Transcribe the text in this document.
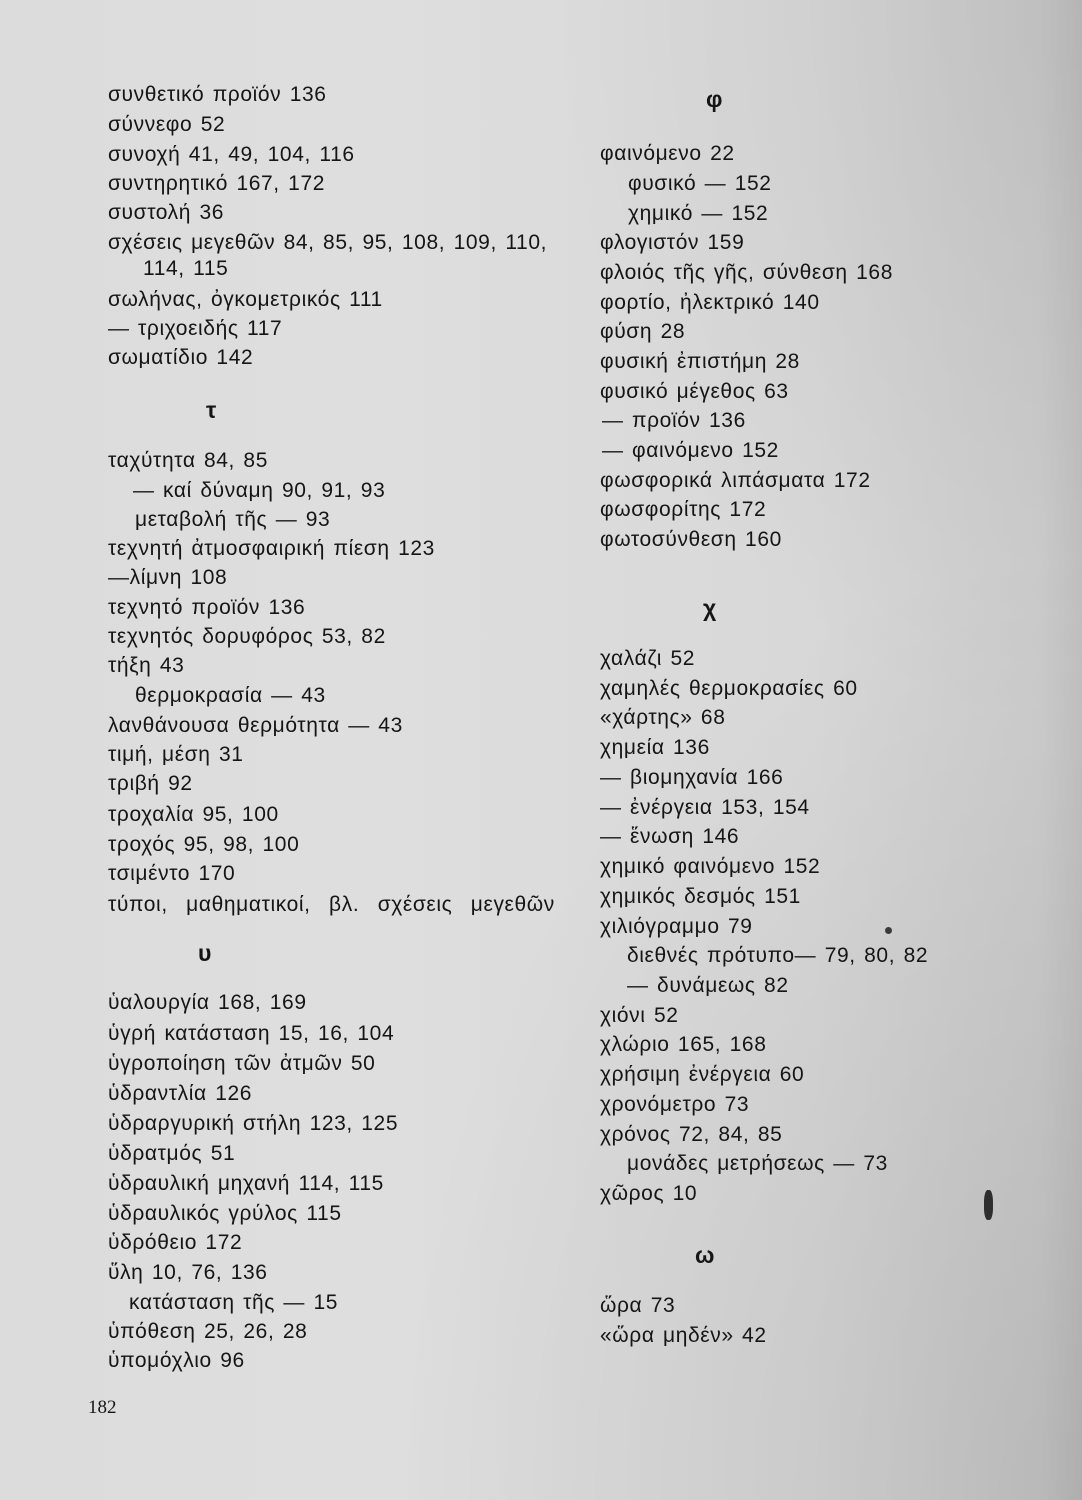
συνθετικό προϊόν 136
σύννεφο 52
συνοχή 41, 49, 104, 116
συντηρητικό 167, 172
συστολή 36
σχέσεις μεγεθῶν 84, 85, 95, 108, 109, 110,
114, 115
σωλήνας, ὀγκομετρικός 111
— τριχοειδής 117
σωματίδιο 142
τ
ταχύτητα 84, 85
— καί δύναμη 90, 91, 93
μεταβολή τῆς — 93
τεχνητή ἀτμοσφαιρική πίεση 123
—λίμνη 108
τεχνητό προϊόν 136
τεχνητός δορυφόρος 53, 82
τήξη 43
θερμοκρασία — 43
λανθάνουσα θερμότητα — 43
τιμή, μέση 31
τριβή 92
τροχαλία 95, 100
τροχός 95, 98, 100
τσιμέντο 170
τύποι, μαθηματικοί, βλ. σχέσεις μεγεθῶν
υ
ὑαλουργία 168, 169
ὑγρή κατάσταση 15, 16, 104
ὑγροποίηση τῶν ἀτμῶν 50
ὑδραντλία 126
ὑδραργυρική στήλη 123, 125
ὑδρατμός 51
ὑδραυλική μηχανή 114, 115
ὑδραυλικός γρύλος 115
ὑδρόθειο 172
ὕλη 10, 76, 136
κατάσταση τῆς — 15
ὑπόθεση 25, 26, 28
ὑπομόχλιο 96
φ
φαινόμενο 22
φυσικό — 152
χημικό — 152
φλογιστόν 159
φλοιός τῆς γῆς, σύνθεση 168
φορτίο, ἠλεκτρικό 140
φύση 28
φυσική ἐπιστήμη 28
φυσικό μέγεθος 63
— προϊόν 136
— φαινόμενο 152
φωσφορικά λιπάσματα 172
φωσφορίτης 172
φωτοσύνθεση 160
χ
χαλάζι 52
χαμηλές θερμοκρασίες 60
«χάρτης» 68
χημεία 136
— βιομηχανία 166
— ἐνέργεια 153, 154
— ἕνωση 146
χημικό φαινόμενο 152
χημικός δεσμός 151
χιλιόγραμμο 79
διεθνές πρότυπο— 79, 80, 82
— δυνάμεως 82
χιόνι 52
χλώριο 165, 168
χρήσιμη ἐνέργεια 60
χρονόμετρο 73
χρόνος 72, 84, 85
μονάδες μετρήσεως — 73
χῶρος 10
ω
ὥρα 73
«ὥρα μηδέν» 42
182
